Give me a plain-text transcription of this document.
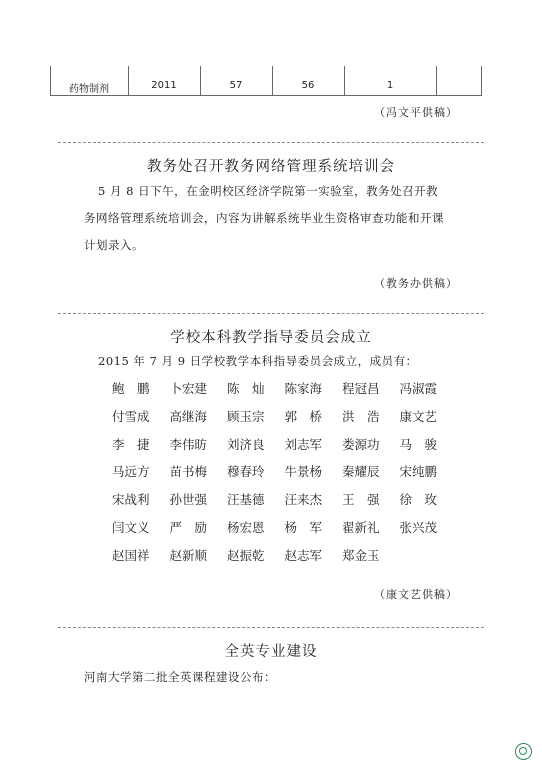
药物制剂	2011	57	56	1
（冯文平供稿）
教务处召开教务网络管理系统培训会
5 月 8 日下午，在金明校区经济学院第一实验室，教务处召开教
务网络管理系统培训会，内容为讲解系统毕业生资格审查功能和开课
计划录入。
（教务办供稿）
学校本科教学指导委员会成立
2015 年 7 月 9 日学校教学本科指导委员会成立，成员有：
鲍　鹏	卜宏建	陈　灿	陈家海	程冠昌	冯淑霞
付雪成	高继海	顾玉宗	郭　桥	洪　浩	康文艺
李　捷	李伟昉	刘济良	刘志军	娄源功	马　骏
马远方	苗书梅	穆春玲	牛景杨	秦耀辰	宋纯鹏
宋战利	孙世强	汪基德	汪来杰	王　强	徐　玫
闫文义	严　励	杨宏恩	杨　军	翟新礼	张兴茂
赵国祥	赵新顺	赵振乾	赵志军	郑金玉
（康文艺供稿）
全英专业建设
河南大学第二批全英课程建设公布：
